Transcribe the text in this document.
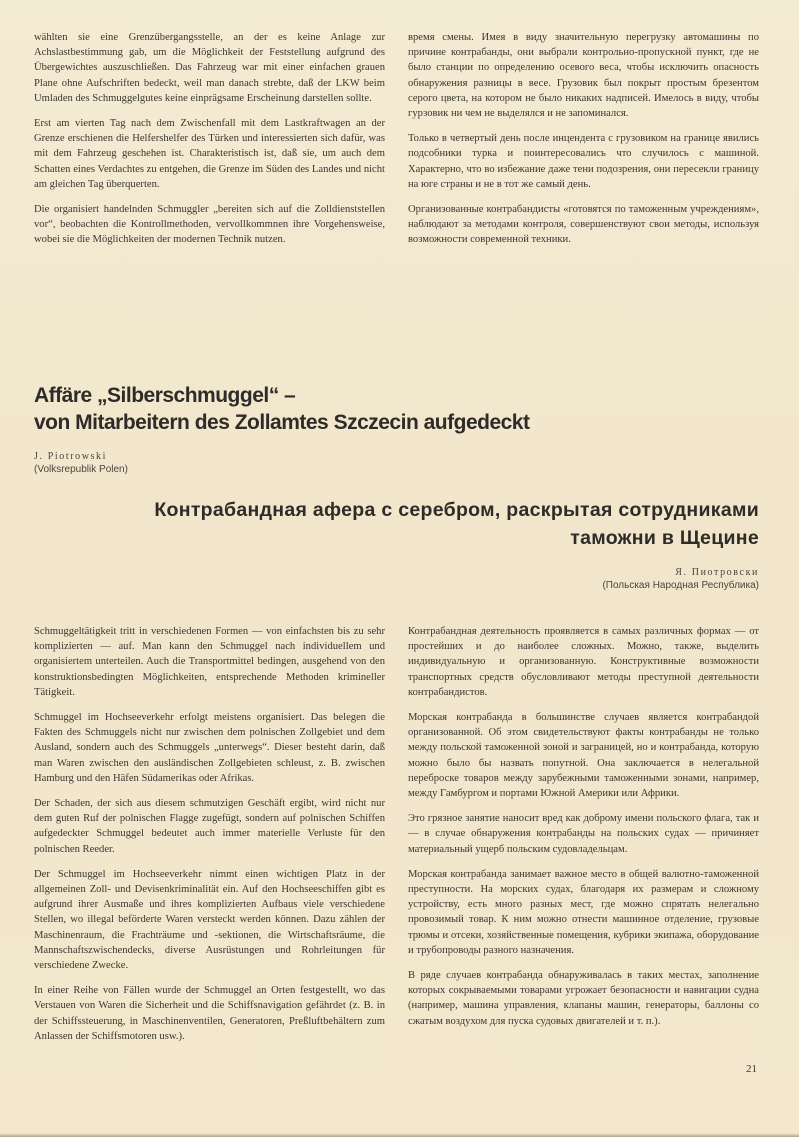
wählten sie eine Grenzübergangsstelle, an der es keine Anlage zur Achslastbestimmung gab, um die Möglichkeit der Feststellung aufgrund des Übergewichtes auszuschließen. Das Fahrzeug war mit einer einfachen grauen Plane ohne Aufschriften bedeckt, weil man danach strebte, daß der LKW beim Umladen des Schmuggelgutes keine einprägsame Erscheinung darstellen sollte.

Erst am vierten Tag nach dem Zwischenfall mit dem Lastkraftwagen an der Grenze erschienen die Helfershelfer des Türken und interessierten sich dafür, was mit dem Fahrzeug geschehen ist. Charakteristisch ist, daß sie, um auch dem Schatten eines Verdachtes zu entgehen, die Grenze im Süden des Landes und nicht am gleichen Tag überquerten.

Die organisiert handelnden Schmuggler „bereiten sich auf die Zolldienststellen vor“, beobachten die Kontrollmethoden, vervollkommnen ihre Vorgehensweise, wobei sie die Möglichkeiten der modernen Technik nutzen.

время смены. Имея в виду значительную перегрузку автомашины по причине контрабанды, они выбрали контрольно-пропускной пункт, где не было станции по определению осевого веса, чтобы исключить опасность обнаружения разницы в весе. Грузовик был покрыт простым брезентом серого цвета, на котором не было никаких надписей. Имелось в виду, чтобы гурзовик ни чем не выделялся и не запоминался.

Только в четвертый день после инцендента с грузовиком на границе явились подсобники турка и поинтересовались что случилось с машиной. Характерно, что во избежание даже тени подозрения, они пересекли границу на юге страны и не в тот же самый день.

Организованные контрабандисты «готовятся по таможенным учреждениям», наблюдают за методами контроля, совершенствуют свои методы, используя возможности современной техники.

Affäre „Silberschmuggel“ –
von Mitarbeitern des Zollamtes Szczecin aufgedeckt
J. Piotrowski
(Volksrepublik Polen)
Контрабандная афера с серебром, раскрытая сотрудниками
таможни в Щецине
Я. Пиотровски
(Польская Народная Республика)

Schmuggeltätigkeit tritt in verschiedenen Formen — von einfachsten bis zu sehr komplizierten — auf. Man kann den Schmuggel nach individuellem und organisiertem unterteilen. Auch die Transportmittel bedingen, ausgehend von den konstruktionsbedingten Möglichkeiten, entsprechende Methoden krimineller Tätigkeit.

Schmuggel im Hochseeverkehr erfolgt meistens organisiert. Das belegen die Fakten des Schmuggels nicht nur zwischen dem polnischen Zollgebiet und dem Ausland, sondern auch des Schmuggels „unterwegs“. Dieser besteht darin, daß man Waren zwischen den ausländischen Zollgebieten schleust, z. B. zwischen Hamburg und den Häfen Südamerikas oder Afrikas.

Der Schaden, der sich aus diesem schmutzigen Geschäft ergibt, wird nicht nur dem guten Ruf der polnischen Flagge zugefügt, sondern auf polnischen Schiffen aufgedeckter Schmuggel bedeutet auch immer materielle Verluste für den polnischen Reeder.

Der Schmuggel im Hochseeverkehr nimmt einen wichtigen Platz in der allgemeinen Zoll- und Devisenkriminalität ein. Auf den Hochseeschiffen gibt es aufgrund ihrer Ausmaße und ihres komplizierten Aufbaus viele verschiedene Stellen, wo illegal beförderte Waren versteckt werden können. Dazu zählen der Maschinenraum, die Frachträume und -sektionen, die Wirtschaftsräume, die Mannschaftszwischendecks, diverse Ausrüstungen und Rohrleitungen für verschiedene Zwecke.

In einer Reihe von Fällen wurde der Schmuggel an Orten festgestellt, wo das Verstauen von Waren die Sicherheit und die Schiffsnavigation gefährdet (z. B. in der Schiffssteuerung, in Maschinenventilen, Generatoren, Preßluftbehältern zum Anlassen der Schiffsmotoren usw.).

Контрабандная деятельность проявляется в самых различных формах — от простейших и до наиболее сложных. Можно, также, выделить индивидуальную и организованную. Конструктивные возможности транспортных средств обусловливают методы преступной деятельности контрабандистов.

Морская контрабанда в большинстве случаев является контрабандой организованной. Об этом свидетельствуют факты контрабанды не только между польской таможенной зоной и заграницей, но и контрабанда, которую можно было бы назвать попутной. Она заключается в нелегальной переброске товаров между зарубежными таможенными зонами, например, между Гамбургом и портами Южной Америки или Африки.

Это грязное занятие наносит вред как доброму имени польского флага, так и — в случае обнаружения контрабанды на польских судах — причиняет материальный ущерб польским судовладельцам.

Морская контрабанда занимает важное место в общей валютно-таможенной преступности. На морских судах, благодаря их размерам и сложному устройству, есть много разных мест, где можно спрятать нелегально провозимый товар. К ним можно отнести машинное отделение, грузовые трюмы и отсеки, хозяйственные помещения, кубрики экипажа, оборудование и трубопроводы разного назначения.

В ряде случаев контрабанда обнаруживалась в таких местах, заполнение которых сокрываемыми товарами угрожает безопасности и навигации судна (например, машина управления, клапаны машин, генераторы, баллоны со сжатым воздухом для пуска судовых двигателей и т. п.).

21
